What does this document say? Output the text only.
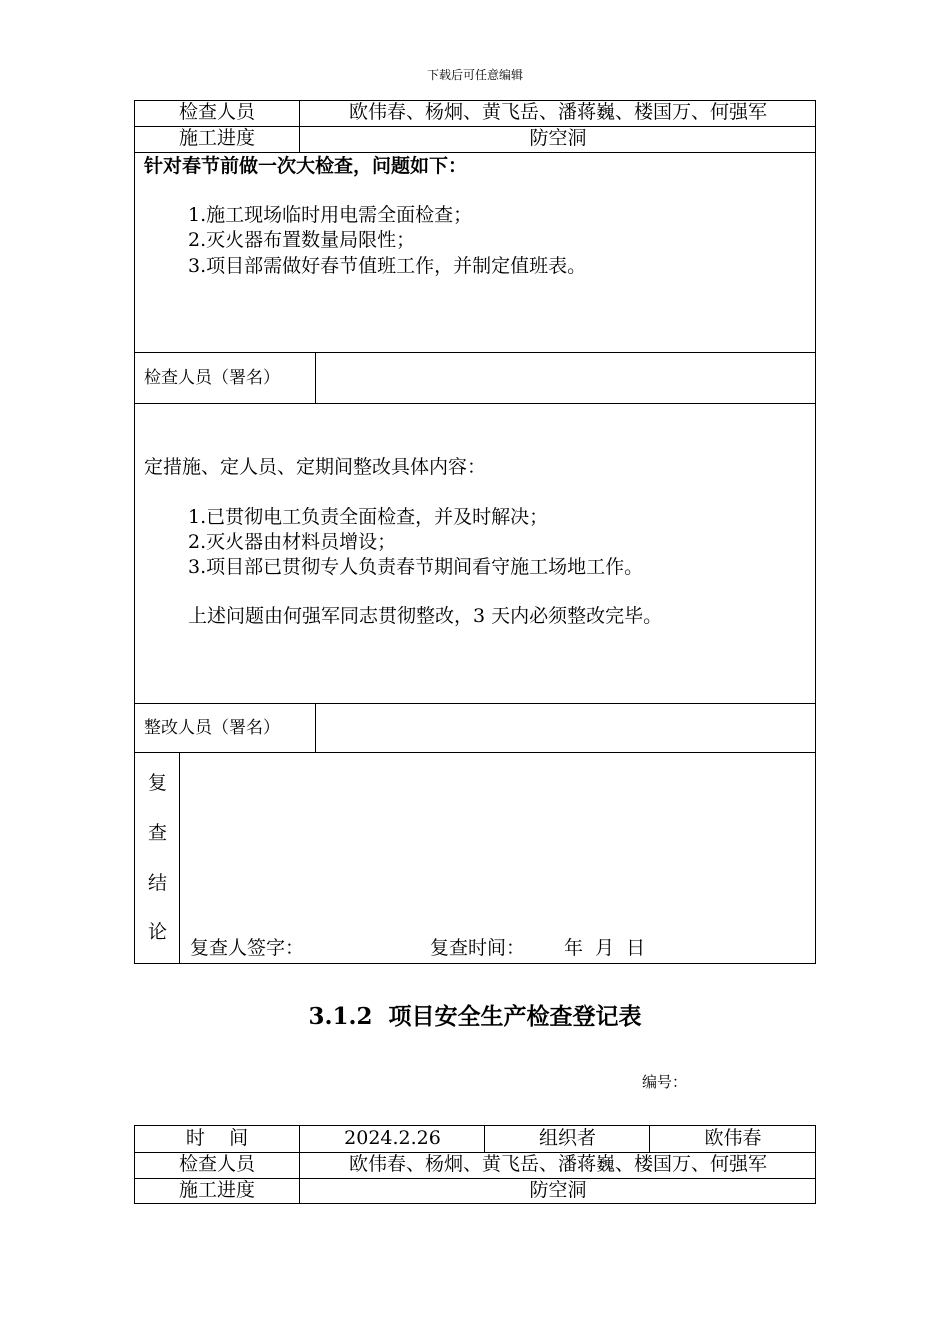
下载后可任意编辑
检查人员	欧伟春、杨炯、黄飞岳、潘蒋巍、楼国万、何强军
施工进度	防空洞
针对春节前做一次大检查，问题如下：
1.施工现场临时用电需全面检查；
2.灭火器布置数量局限性；
3.项目部需做好春节值班工作，并制定值班表。
检查人员（署名）
定措施、定人员、定期间整改具体内容：
1.已贯彻电工负责全面检查，并及时解决；
2.灭火器由材料员增设；
3.项目部已贯彻专人负责春节期间看守施工场地工作。
上述问题由何强军同志贯彻整改，3 天内必须整改完毕。
整改人员（署名）
复
查
结
论
复查人签字：	复查时间： 年  月  日
3.1.2  项目安全生产检查登记表
编号：
时    间	2024.2.26	组织者	欧伟春
检查人员	欧伟春、杨炯、黄飞岳、潘蒋巍、楼国万、何强军
施工进度	防空洞
